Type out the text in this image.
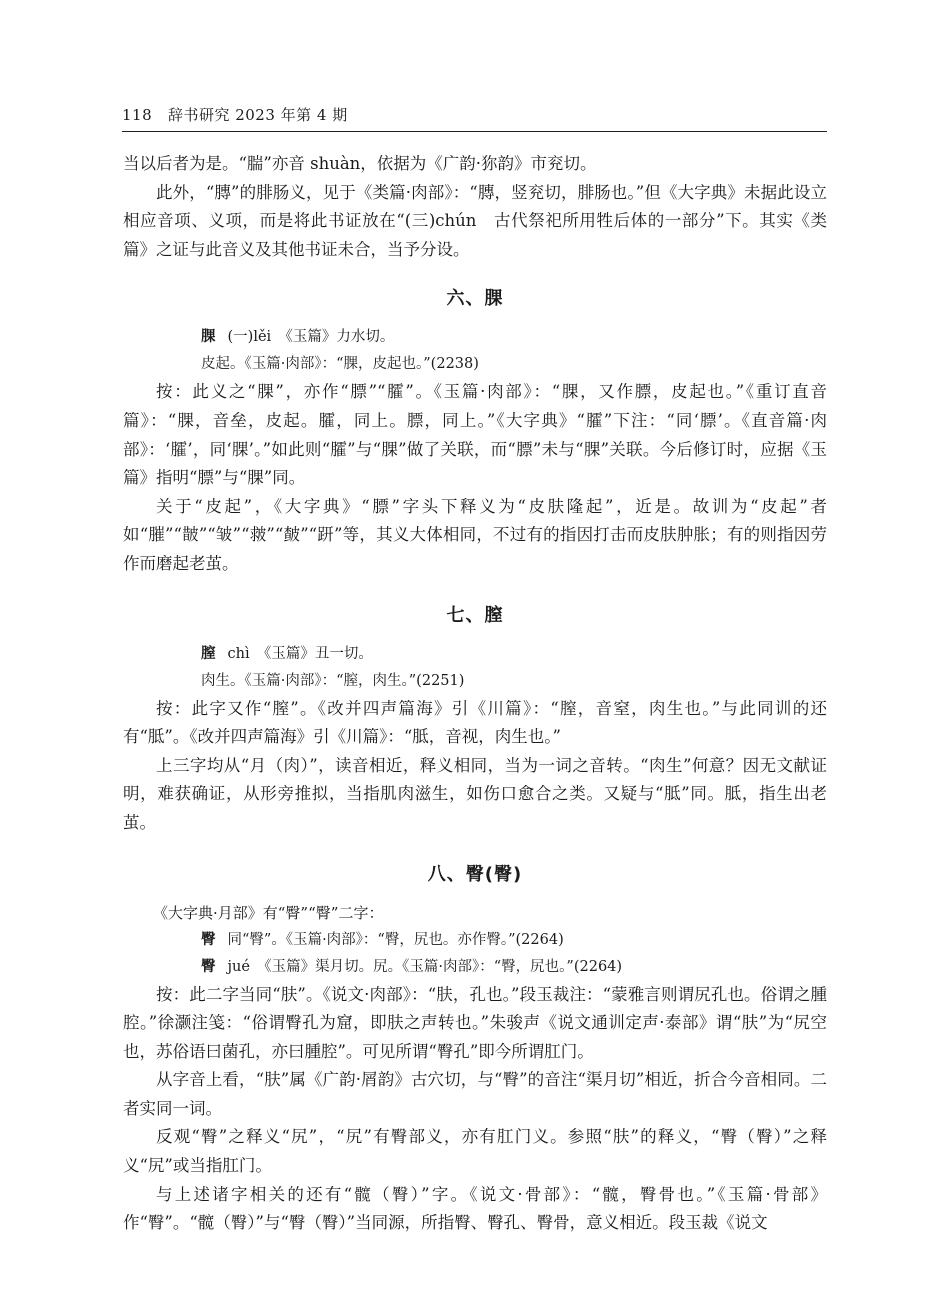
118 辞书研究 2023 年第 4 期

当以后者为是。“腨”亦音 shuàn，依据为《广韵·狝韵》市兖切。

此外，“膞”的腓肠义，见于《类篇·肉部》：“膞，竖兖切，腓肠也。”但《大字典》未据此设立相应音项、义项，而是将此书证放在“(三)chún　古代祭祀所用牲后体的一部分”下。其实《类篇》之证与此音义及其他书证未合，当予分设。

六、腂

腂 (一)lěi　《玉篇》力水切。

皮起。《玉篇·肉部》：“腂，皮起也。”(2238)

按：此义之“腂”，亦作“膘”“臛”。《玉篇·肉部》：“腂，又作膘，皮起也。”《重订直音篇》：“腂，音垒，皮起。臛，同上。膘，同上。”《大字典》“臛”下注：“同‘膘’。《直音篇·肉部》：‘臛’，同‘腂’。”如此则“臛”与“腂”做了关联，而“膘”未与“腂”关联。今后修订时，应据《玉篇》指明“膘”与“腂”同。

关于“皮起”，《大字典》“膘”字头下释义为“皮肤隆起”，近是。故训为“皮起”者如“膗”“皵”“皱”“皳”“皶”“趼”等，其义大体相同，不过有的指因打击而皮肤肿胀；有的则指因劳作而磨起老茧。

七、膣

膣 chì　《玉篇》丑一切。

肉生。《玉篇·肉部》：“膣，肉生。”(2251)

按：此字又作“膣”。《改并四声篇海》引《川篇》：“膣，音窒，肉生也。”与此同训的还有“胝”。《改并四声篇海》引《川篇》：“胝，音视，肉生也。”

上三字均从“月（肉）”，读音相近，释义相同，当为一词之音转。“肉生”何意？因无文献证明，难获确证，从形旁推拟，当指肌肉滋生，如伤口愈合之类。又疑与“胝”同。胝，指生出老茧。

八、臀(臀)

《大字典·月部》有“臀”“臀”二字：

臀 同“臀”。《玉篇·肉部》：“臀，尻也。亦作臀。”(2264)

臀 jué　《玉篇》渠月切。尻。《玉篇·肉部》：“臀，尻也。”(2264)

按：此二字当同“肤”。《说文·肉部》：“肤，孔也。”段玉裁注：“蒙雅言则谓尻孔也。俗谓之腫腔。”徐灏注笺：“俗谓臀孔为窟，即肤之声转也。”朱骏声《说文通训定声·泰部》谓“肤”为“尻空也，苏俗语曰菌孔，亦曰腫腔”。可见所谓“臀孔”即今所谓肛门。

从字音上看，“肤”属《广韵·屑韵》古穴切，与“臀”的音注“渠月切”相近，折合今音相同。二者实同一词。

反观“臀”之释义“尻”，“尻”有臀部义，亦有肛门义。参照“肤”的释义，“臀（臀）”之释义“尻”或当指肛门。

与上述诸字相关的还有“髋（臀）”字。《说文·骨部》：“髋，臀骨也。”《玉篇·骨部》作“臀”。“髋（臀）”与“臀（臀）”当同源，所指臀、臀孔、臀骨，意义相近。段玉裁《说文
